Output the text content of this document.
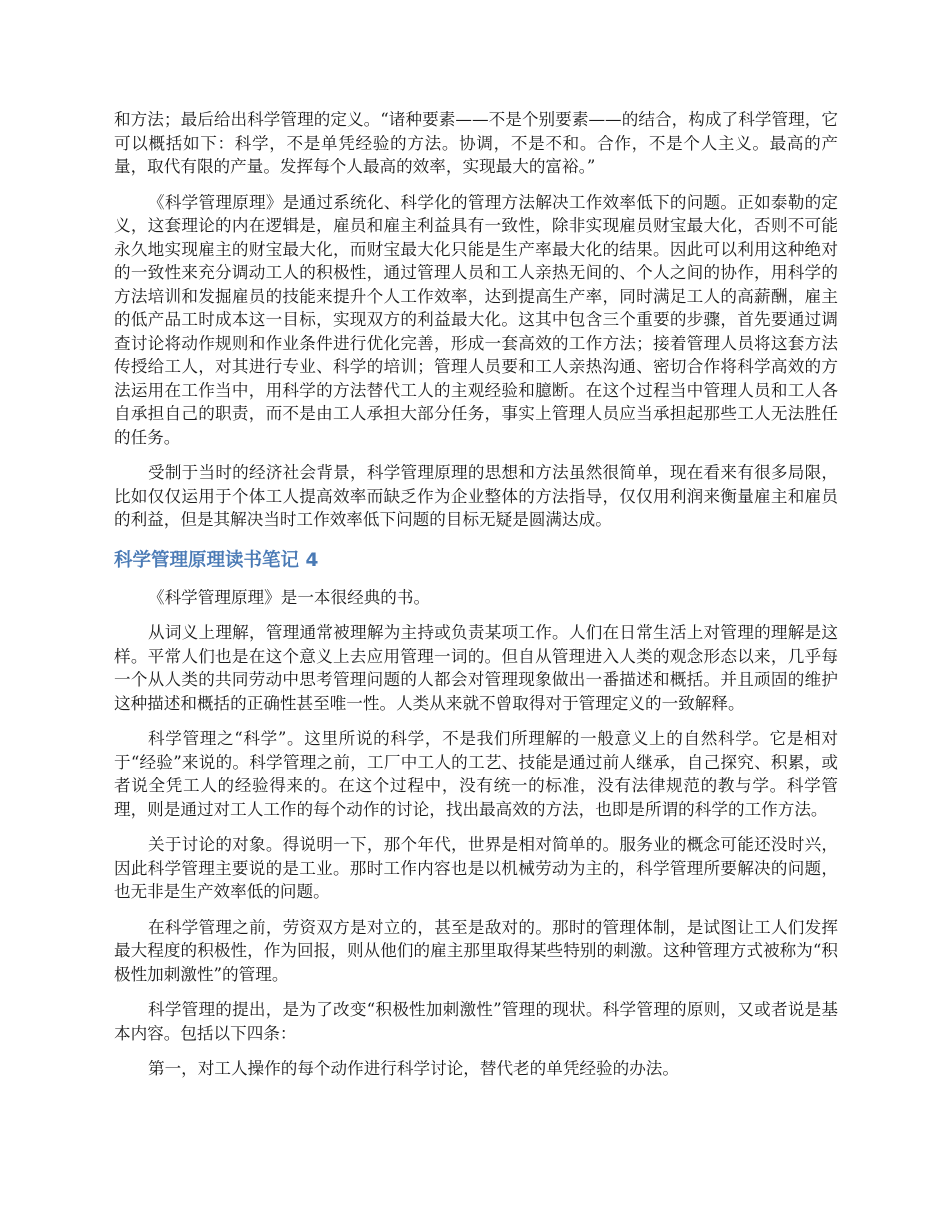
和方法；最后给出科学管理的定义。“诸种要素——不是个别要素——的结合，构成了科学管理，它可以概括如下：科学，不是单凭经验的方法。协调，不是不和。合作，不是个人主义。最高的产量，取代有限的产量。发挥每个人最高的效率，实现最大的富裕。”

《科学管理原理》是通过系统化、科学化的管理方法解决工作效率低下的问题。正如泰勒的定义，这套理论的内在逻辑是，雇员和雇主利益具有一致性，除非实现雇员财宝最大化，否则不可能永久地实现雇主的财宝最大化，而财宝最大化只能是生产率最大化的结果。因此可以利用这种绝对的一致性来充分调动工人的积极性，通过管理人员和工人亲热无间的、个人之间的协作，用科学的方法培训和发掘雇员的技能来提升个人工作效率，达到提高生产率，同时满足工人的高薪酬，雇主的低产品工时成本这一目标，实现双方的利益最大化。这其中包含三个重要的步骤，首先要通过调查讨论将动作规则和作业条件进行优化完善，形成一套高效的工作方法；接着管理人员将这套方法传授给工人，对其进行专业、科学的培训；管理人员要和工人亲热沟通、密切合作将科学高效的方法运用在工作当中，用科学的方法替代工人的主观经验和臆断。在这个过程当中管理人员和工人各自承担自己的职责，而不是由工人承担大部分任务，事实上管理人员应当承担起那些工人无法胜任的任务。

受制于当时的经济社会背景，科学管理原理的思想和方法虽然很简单，现在看来有很多局限，比如仅仅运用于个体工人提高效率而缺乏作为企业整体的方法指导，仅仅用利润来衡量雇主和雇员的利益，但是其解决当时工作效率低下问题的目标无疑是圆满达成。

科学管理原理读书笔记 4

《科学管理原理》是一本很经典的书。

从词义上理解，管理通常被理解为主持或负责某项工作。人们在日常生活上对管理的理解是这样。平常人们也是在这个意义上去应用管理一词的。但自从管理进入人类的观念形态以来，几乎每一个从人类的共同劳动中思考管理问题的人都会对管理现象做出一番描述和概括。并且顽固的维护这种描述和概括的正确性甚至唯一性。人类从来就不曾取得对于管理定义的一致解释。

科学管理之“科学”。这里所说的科学，不是我们所理解的一般意义上的自然科学。它是相对于“经验”来说的。科学管理之前，工厂中工人的工艺、技能是通过前人继承，自己探究、积累，或者说全凭工人的经验得来的。在这个过程中，没有统一的标准，没有法律规范的教与学。科学管理，则是通过对工人工作的每个动作的讨论，找出最高效的方法，也即是所谓的科学的工作方法。

关于讨论的对象。得说明一下，那个年代，世界是相对简单的。服务业的概念可能还没时兴，因此科学管理主要说的是工业。那时工作内容也是以机械劳动为主的，科学管理所要解决的问题，也无非是生产效率低的问题。

在科学管理之前，劳资双方是对立的，甚至是敌对的。那时的管理体制，是试图让工人们发挥最大程度的积极性，作为回报，则从他们的雇主那里取得某些特别的刺激。这种管理方式被称为“积极性加刺激性”的管理。

科学管理的提出，是为了改变“积极性加刺激性”管理的现状。科学管理的原则，又或者说是基本内容。包括以下四条：

第一，对工人操作的每个动作进行科学讨论，替代老的单凭经验的办法。
